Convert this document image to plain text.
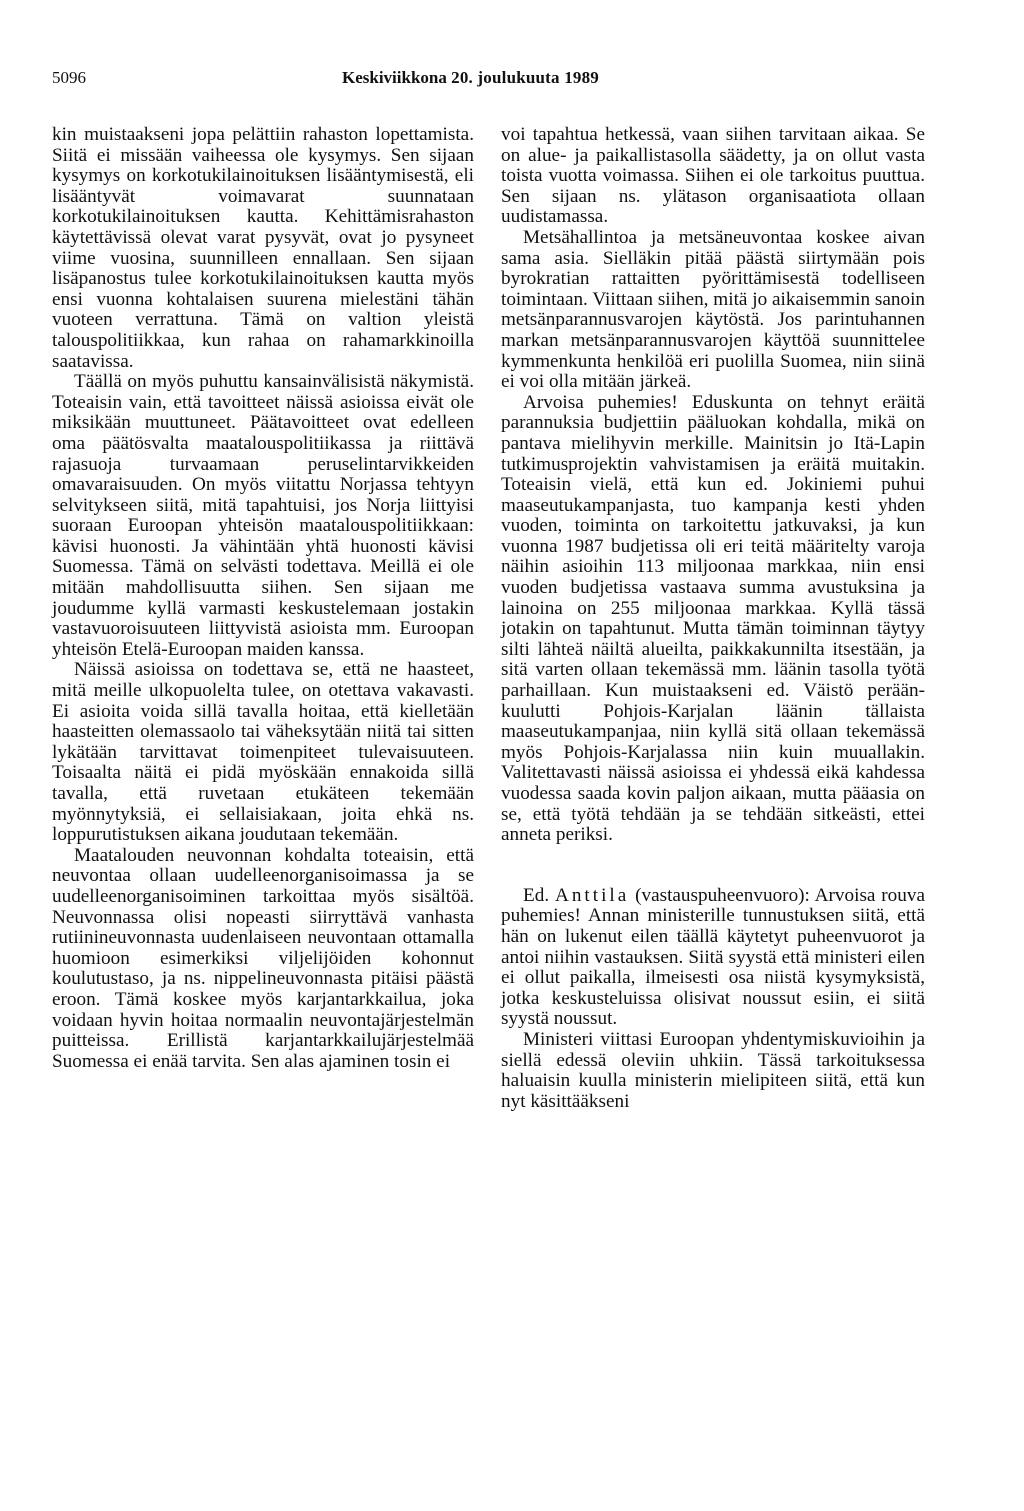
5096	Keskiviikkona 20. joulukuuta 1989

kin muistaakseni jopa pelättiin rahaston lopettamista. Siitä ei missään vaiheessa ole kysymys. Sen sijaan kysymys on korkotukilainoituksen lisääntymisestä, eli lisääntyvät voimavarat suunnataan korkotukilainoituksen kautta. Kehittämisrahaston käytettävissä olevat varat pysyvät, ovat jo pysyneet viime vuosina, suunnilleen ennallaan. Sen sijaan lisäpanostus tulee korkotukilainoituksen kautta myös ensi vuonna kohtalaisen suurena mielestäni tähän vuoteen verrattuna. Tämä on valtion yleistä talouspolitiikkaa, kun rahaa on rahamarkkinoilla saatavissa.

Täällä on myös puhuttu kansainvälisistä näkymistä. Toteaisin vain, että tavoitteet näissä asioissa eivät ole miksikään muuttuneet. Päätavoitteet ovat edelleen oma päätösvalta maatalouspolitiikassa ja riittävä rajasuoja turvaamaan peruselintarvikkeiden omavaraisuuden. On myös viitattu Norjassa tehtyyn selvitykseen siitä, mitä tapahtuisi, jos Norja liittyisi suoraan Euroopan yhteisön maatalouspolitiikkaan: kävisi huonosti. Ja vähintään yhtä huonosti kävisi Suomessa. Tämä on selvästi todettava. Meillä ei ole mitään mahdollisuutta siihen. Sen sijaan me joudumme kyllä varmasti keskustelemaan jostakin vastavuoroisuuteen liittyvistä asioista mm. Euroopan yhteisön Etelä-Euroopan maiden kanssa.

Näissä asioissa on todettava se, että ne haasteet, mitä meille ulkopuolelta tulee, on otettava vakavasti. Ei asioita voida sillä tavalla hoitaa, että kielletään haasteitten olemassaolo tai väheksytään niitä tai sitten lykätään tarvittavat toimenpiteet tulevaisuuteen. Toisaalta näitä ei pidä myöskään ennakoida sillä tavalla, että ruvetaan etukäteen tekemään myönnytyksiä, ei sellaisiakaan, joita ehkä ns. loppurutistuksen aikana joudutaan tekemään.

Maatalouden neuvonnan kohdalta toteaisin, että neuvontaa ollaan uudelleenorganisoimassa ja se uudelleenorganisoiminen tarkoittaa myös sisältöä. Neuvonnassa olisi nopeasti siirryttävä vanhasta rutiinineuvonnasta uudenlaiseen neuvontaan ottamalla huomioon esimerkiksi viljelijöiden kohonnut koulutustaso, ja ns. nippelineuvonnasta pitäisi päästä eroon. Tämä koskee myös karjantarkkailua, joka voidaan hyvin hoitaa normaalin neuvontajärjestelmän puitteissa. Erillistä karjantarkkailujärjestelmää Suomessa ei enää tarvita. Sen alas ajaminen tosin ei

voi tapahtua hetkessä, vaan siihen tarvitaan aikaa. Se on alue- ja paikallistasolla säädetty, ja on ollut vasta toista vuotta voimassa. Siihen ei ole tarkoitus puuttua. Sen sijaan ns. ylätason organisaatiota ollaan uudistamassa.

Metsähallintoa ja metsäneuvontaa koskee aivan sama asia. Sielläkin pitää päästä siirtymään pois byrokratian rattaitten pyörittämisestä todelliseen toimintaan. Viittaan siihen, mitä jo aikaisemmin sanoin metsänparannusvarojen käytöstä. Jos parintuhannen markan metsänparannusvarojen käyttöä suunnittelee kymmenkunta henkilöä eri puolilla Suomea, niin siinä ei voi olla mitään järkeä.

Arvoisa puhemies! Eduskunta on tehnyt eräitä parannuksia budjettiin pääluokan kohdalla, mikä on pantava mielihyvin merkille. Mainitsin jo Itä-Lapin tutkimusprojektin vahvistamisen ja eräitä muitakin. Toteaisin vielä, että kun ed. Jokiniemi puhui maaseutukampanjasta, tuo kampanja kesti yhden vuoden, toiminta on tarkoitettu jatkuvaksi, ja kun vuonna 1987 budjetissa oli eri teitä määritelty varoja näihin asioihin 113 miljoonaa markkaa, niin ensi vuoden budjetissa vastaava summa avustuksina ja lainoina on 255 miljoonaa markkaa. Kyllä tässä jotakin on tapahtunut. Mutta tämän toiminnan täytyy silti lähteä näiltä alueilta, paikkakunnilta itsestään, ja sitä varten ollaan tekemässä mm. läänin tasolla työtä parhaillaan. Kun muistaakseni ed. Väistö perään-kuulutti Pohjois-Karjalan läänin tällaista maaseutukampanjaa, niin kyllä sitä ollaan tekemässä myös Pohjois-Karjalassa niin kuin muuallakin. Valitettavasti näissä asioissa ei yhdessä eikä kahdessa vuodessa saada kovin paljon aikaan, mutta pääasia on se, että työtä tehdään ja se tehdään sitkeästi, ettei anneta periksi.

Ed. Anttila (vastauspuheenvuoro): Arvoisa rouva puhemies! Annan ministerille tunnustuksen siitä, että hän on lukenut eilen täällä käytetyt puheenvuorot ja antoi niihin vastauksen. Siitä syystä että ministeri eilen ei ollut paikalla, ilmeisesti osa niistä kysymyksistä, jotka keskusteluissa olisivat noussut esiin, ei siitä syystä noussut.

Ministeri viittasi Euroopan yhdentymiskuvioihin ja siellä edessä oleviin uhkiin. Tässä tarkoituksessa haluaisin kuulla ministerin mielipiteen siitä, että kun nyt käsittääkseni
